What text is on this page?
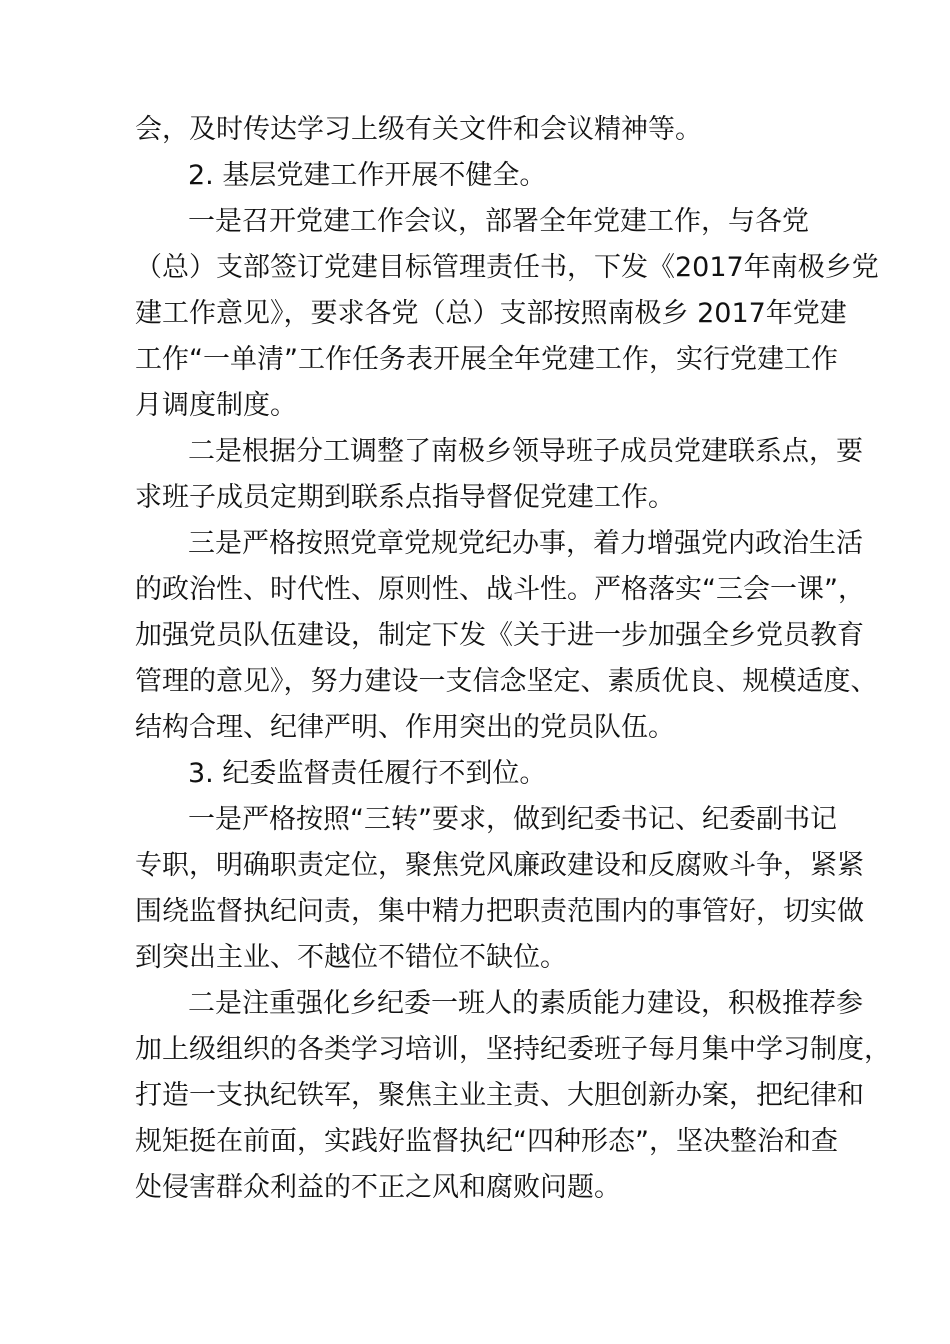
会，及时传达学习上级有关文件和会议精神等。
2. 基层党建工作开展不健全。
一是召开党建工作会议，部署全年党建工作，与各党
（总）支部签订党建目标管理责任书，下发《2017年南极乡党
建工作意见》，要求各党（总）支部按照南极乡 2017年党建
工作“一单清”工作任务表开展全年党建工作，实行党建工作
月调度制度。
二是根据分工调整了南极乡领导班子成员党建联系点，要
求班子成员定期到联系点指导督促党建工作。
三是严格按照党章党规党纪办事，着力增强党内政治生活
的政治性、时代性、原则性、战斗性。严格落实“三会一课”，
加强党员队伍建设，制定下发《关于进一步加强全乡党员教育
管理的意见》，努力建设一支信念坚定、素质优良、规模适度、
结构合理、纪律严明、作用突出的党员队伍。
3. 纪委监督责任履行不到位。
一是严格按照“三转”要求，做到纪委书记、纪委副书记
专职，明确职责定位，聚焦党风廉政建设和反腐败斗争，紧紧
围绕监督执纪问责，集中精力把职责范围内的事管好，切实做
到突出主业、不越位不错位不缺位。
二是注重强化乡纪委一班人的素质能力建设，积极推荐参
加上级组织的各类学习培训，坚持纪委班子每月集中学习制度，
打造一支执纪铁军，聚焦主业主责、大胆创新办案，把纪律和
规矩挺在前面，实践好监督执纪“四种形态”，坚决整治和查
处侵害群众利益的不正之风和腐败问题。
